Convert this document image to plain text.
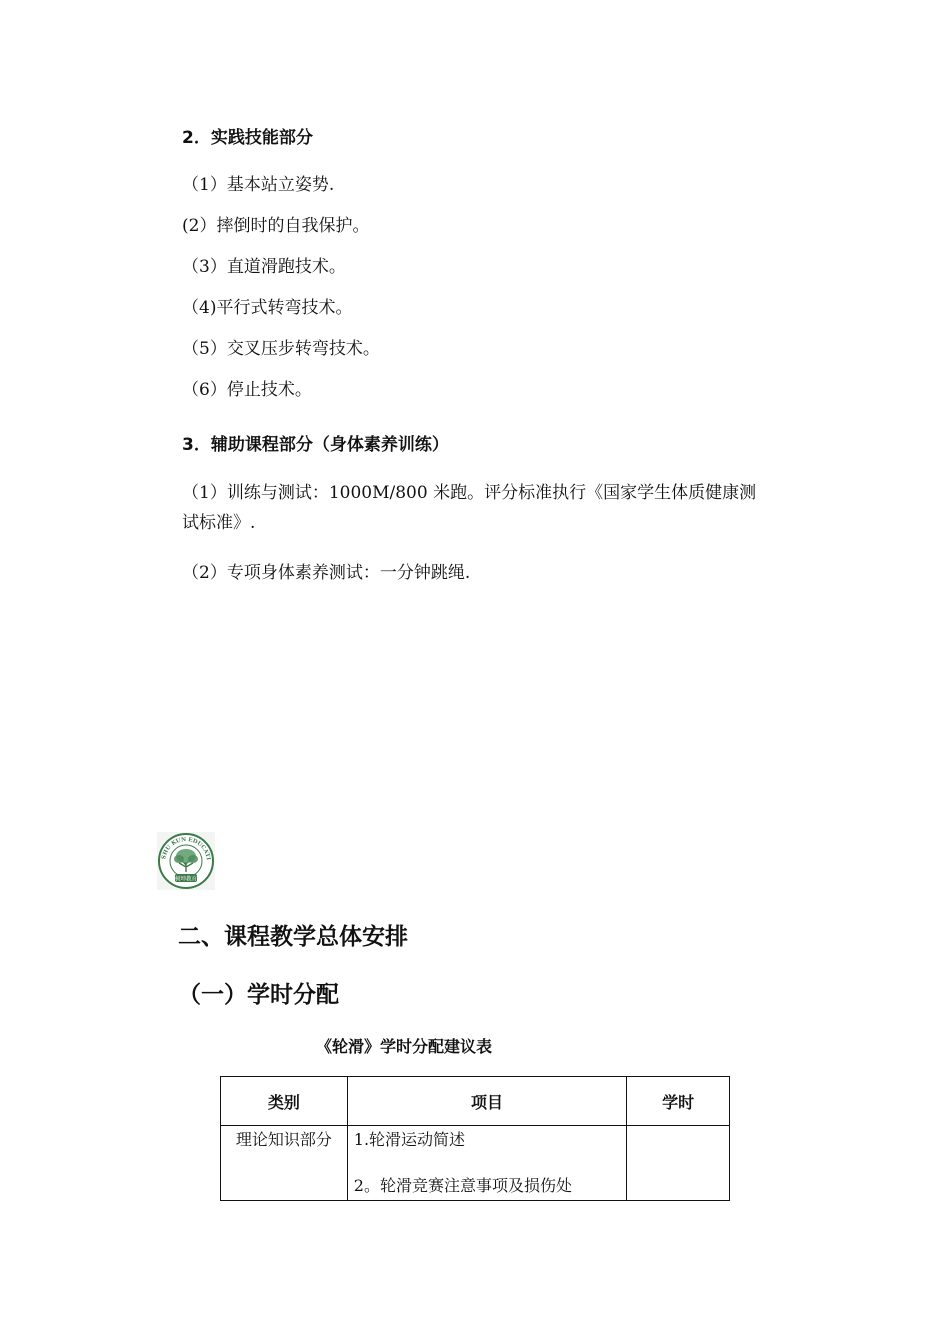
2．实践技能部分
（1）基本站立姿势.
(2）摔倒时的自我保护。
（3）直道滑跑技术。
（4)平行式转弯技术。
（5）交叉压步转弯技术。
（6）停止技术。
3．辅助课程部分（身体素养训练）
（1）训练与测试：1000M/800 米跑。评分标准执行《国家学生体质健康测
试标准》.
（2）专项身体素养测试：一分钟跳绳.
SHU KUN EDUCATI
树坤教育
二、课程教学总体安排
（一）学时分配
《轮滑》学时分配建议表
类别	项目	学时
理论知识部分	1.轮滑运动简述
2。轮滑竞赛注意事项及损伤处	
